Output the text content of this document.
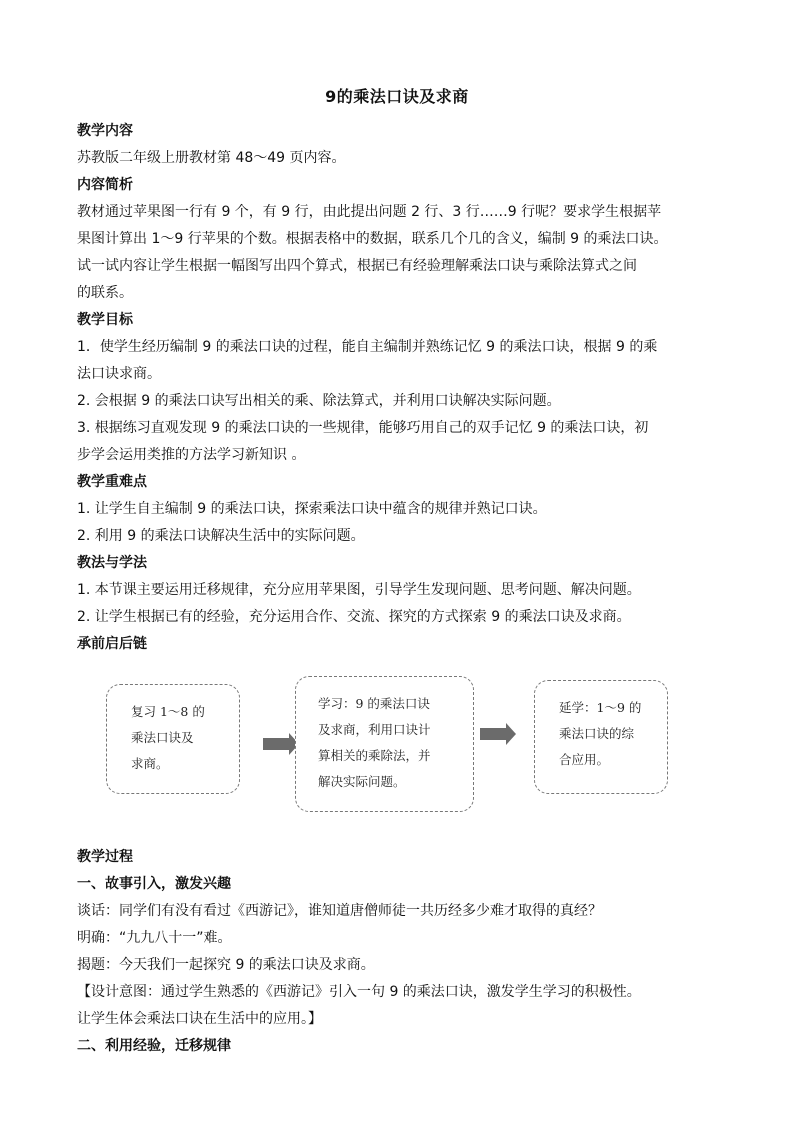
9的乘法口诀及求商

教学内容

苏教版二年级上册教材第 48～49 页内容。

内容简析

教材通过苹果图一行有 9 个，有 9 行，由此提出问题 2 行、3 行……9 行呢？要求学生根据苹

果图计算出 1～9 行苹果的个数。根据表格中的数据，联系几个几的含义，编制 9 的乘法口诀。

试一试内容让学生根据一幅图写出四个算式，根据已有经验理解乘法口诀与乘除法算式之间

的联系。

教学目标

1．使学生经历编制 9 的乘法口诀的过程，能自主编制并熟练记忆 9 的乘法口诀，根据 9 的乘

法口诀求商。

2. 会根据 9 的乘法口诀写出相关的乘、除法算式，并利用口诀解决实际问题。

3. 根据练习直观发现 9 的乘法口诀的一些规律，能够巧用自己的双手记忆 9 的乘法口诀，初

步学会运用类推的方法学习新知识 。

教学重难点

1. 让学生自主编制 9 的乘法口诀，探索乘法口诀中蕴含的规律并熟记口诀。

2. 利用 9 的乘法口诀解决生活中的实际问题。

教法与学法

1. 本节课主要运用迁移规律，充分应用苹果图，引导学生发现问题、思考问题、解决问题。

2. 让学生根据已有的经验，充分运用合作、交流、探究的方式探索 9 的乘法口诀及求商。

承前启后链

复习 1～8 的
乘法口诀及
求商。
学习：9 的乘法口诀
及求商，利用口诀计
算相关的乘除法，并
解决实际问题。
延学：1～9 的
乘法口诀的综
合应用。

教学过程

一、故事引入，激发兴趣

谈话：同学们有没有看过《西游记》，谁知道唐僧师徒一共历经多少难才取得的真经？

明确：“九九八十一”难。

揭题：今天我们一起探究 9 的乘法口诀及求商。

【设计意图：通过学生熟悉的《西游记》引入一句 9 的乘法口诀，激发学生学习的积极性。

让学生体会乘法口诀在生活中的应用。】

二、利用经验，迁移规律
